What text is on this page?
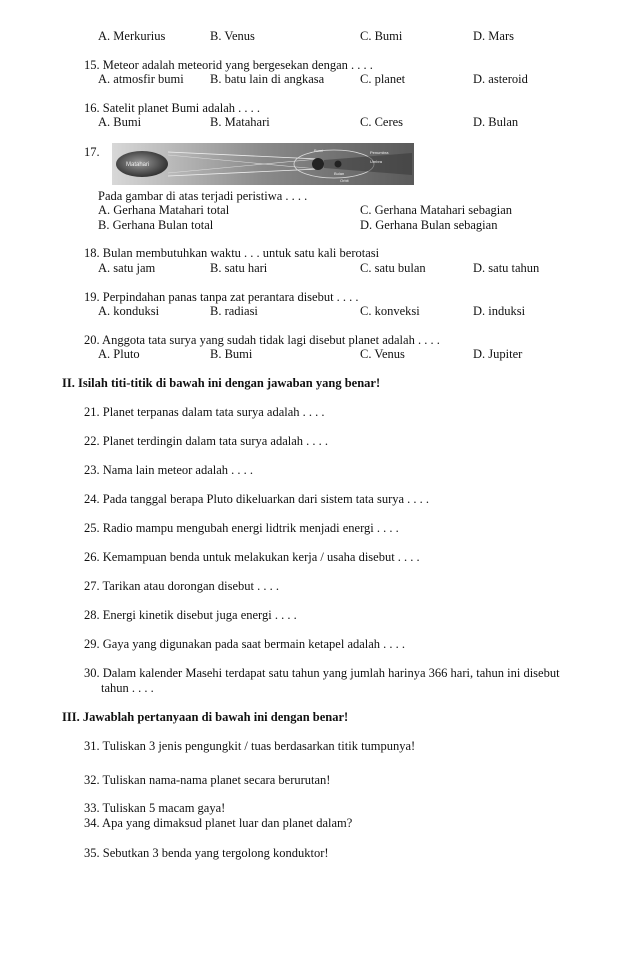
A. Merkurius	B. Venus	C. Bumi	D. Mars
15. Meteor adalah meteorid yang bergesekan dengan . . . .
A. atmosfir bumi B. batu lain di angkasa	C. planet	D. asteroid
16. Satelit planet Bumi adalah . . . .
A. Bumi	B. Matahari	C. Ceres	D. Bulan
17.
Matahari
Penumbra
Umbra
Orbit
Bumi
Bulan
Pada gambar di atas terjadi peristiwa . . . .
A. Gerhana Matahari total
B. Gerhana Bulan total
C. Gerhana Matahari sebagian
D. Gerhana Bulan sebagian
18. Bulan membutuhkan waktu . . . untuk satu kali berotasi
A. satu jam	B. satu hari	C. satu bulan	D. satu tahun
19. Perpindahan panas tanpa zat perantara disebut . . . .
A. konduksi	B. radiasi	C. konveksi	D. induksi
20. Anggota tata surya yang sudah tidak lagi disebut planet adalah . . . .
A. Pluto	B. Bumi	C. Venus	D. Jupiter
II. Isilah titi-titik di bawah ini dengan jawaban yang benar!
21. Planet terpanas dalam tata surya adalah . . . .
22. Planet terdingin dalam tata surya adalah . . . .
23. Nama lain meteor adalah . . . .
24. Pada tanggal berapa Pluto dikeluarkan dari sistem tata surya . . . .
25. Radio mampu mengubah energi lidtrik menjadi energi . . . .
26. Kemampuan benda untuk melakukan kerja / usaha disebut . . . .
27. Tarikan atau dorongan disebut . . . .
28. Energi kinetik disebut juga energi . . . .
29. Gaya yang digunakan pada saat bermain ketapel adalah . . . .
30. Dalam kalender Masehi terdapat satu tahun yang jumlah harinya 366 hari, tahun ini disebut
tahun . . . .
III. Jawablah pertanyaan di bawah ini dengan benar!
31. Tuliskan 3 jenis pengungkit / tuas berdasarkan titik tumpunya!
32. Tuliskan nama-nama planet secara berurutan!
33. Tuliskan 5 macam gaya!
34. Apa yang dimaksud planet luar dan planet dalam?
35. Sebutkan 3 benda yang tergolong konduktor!
